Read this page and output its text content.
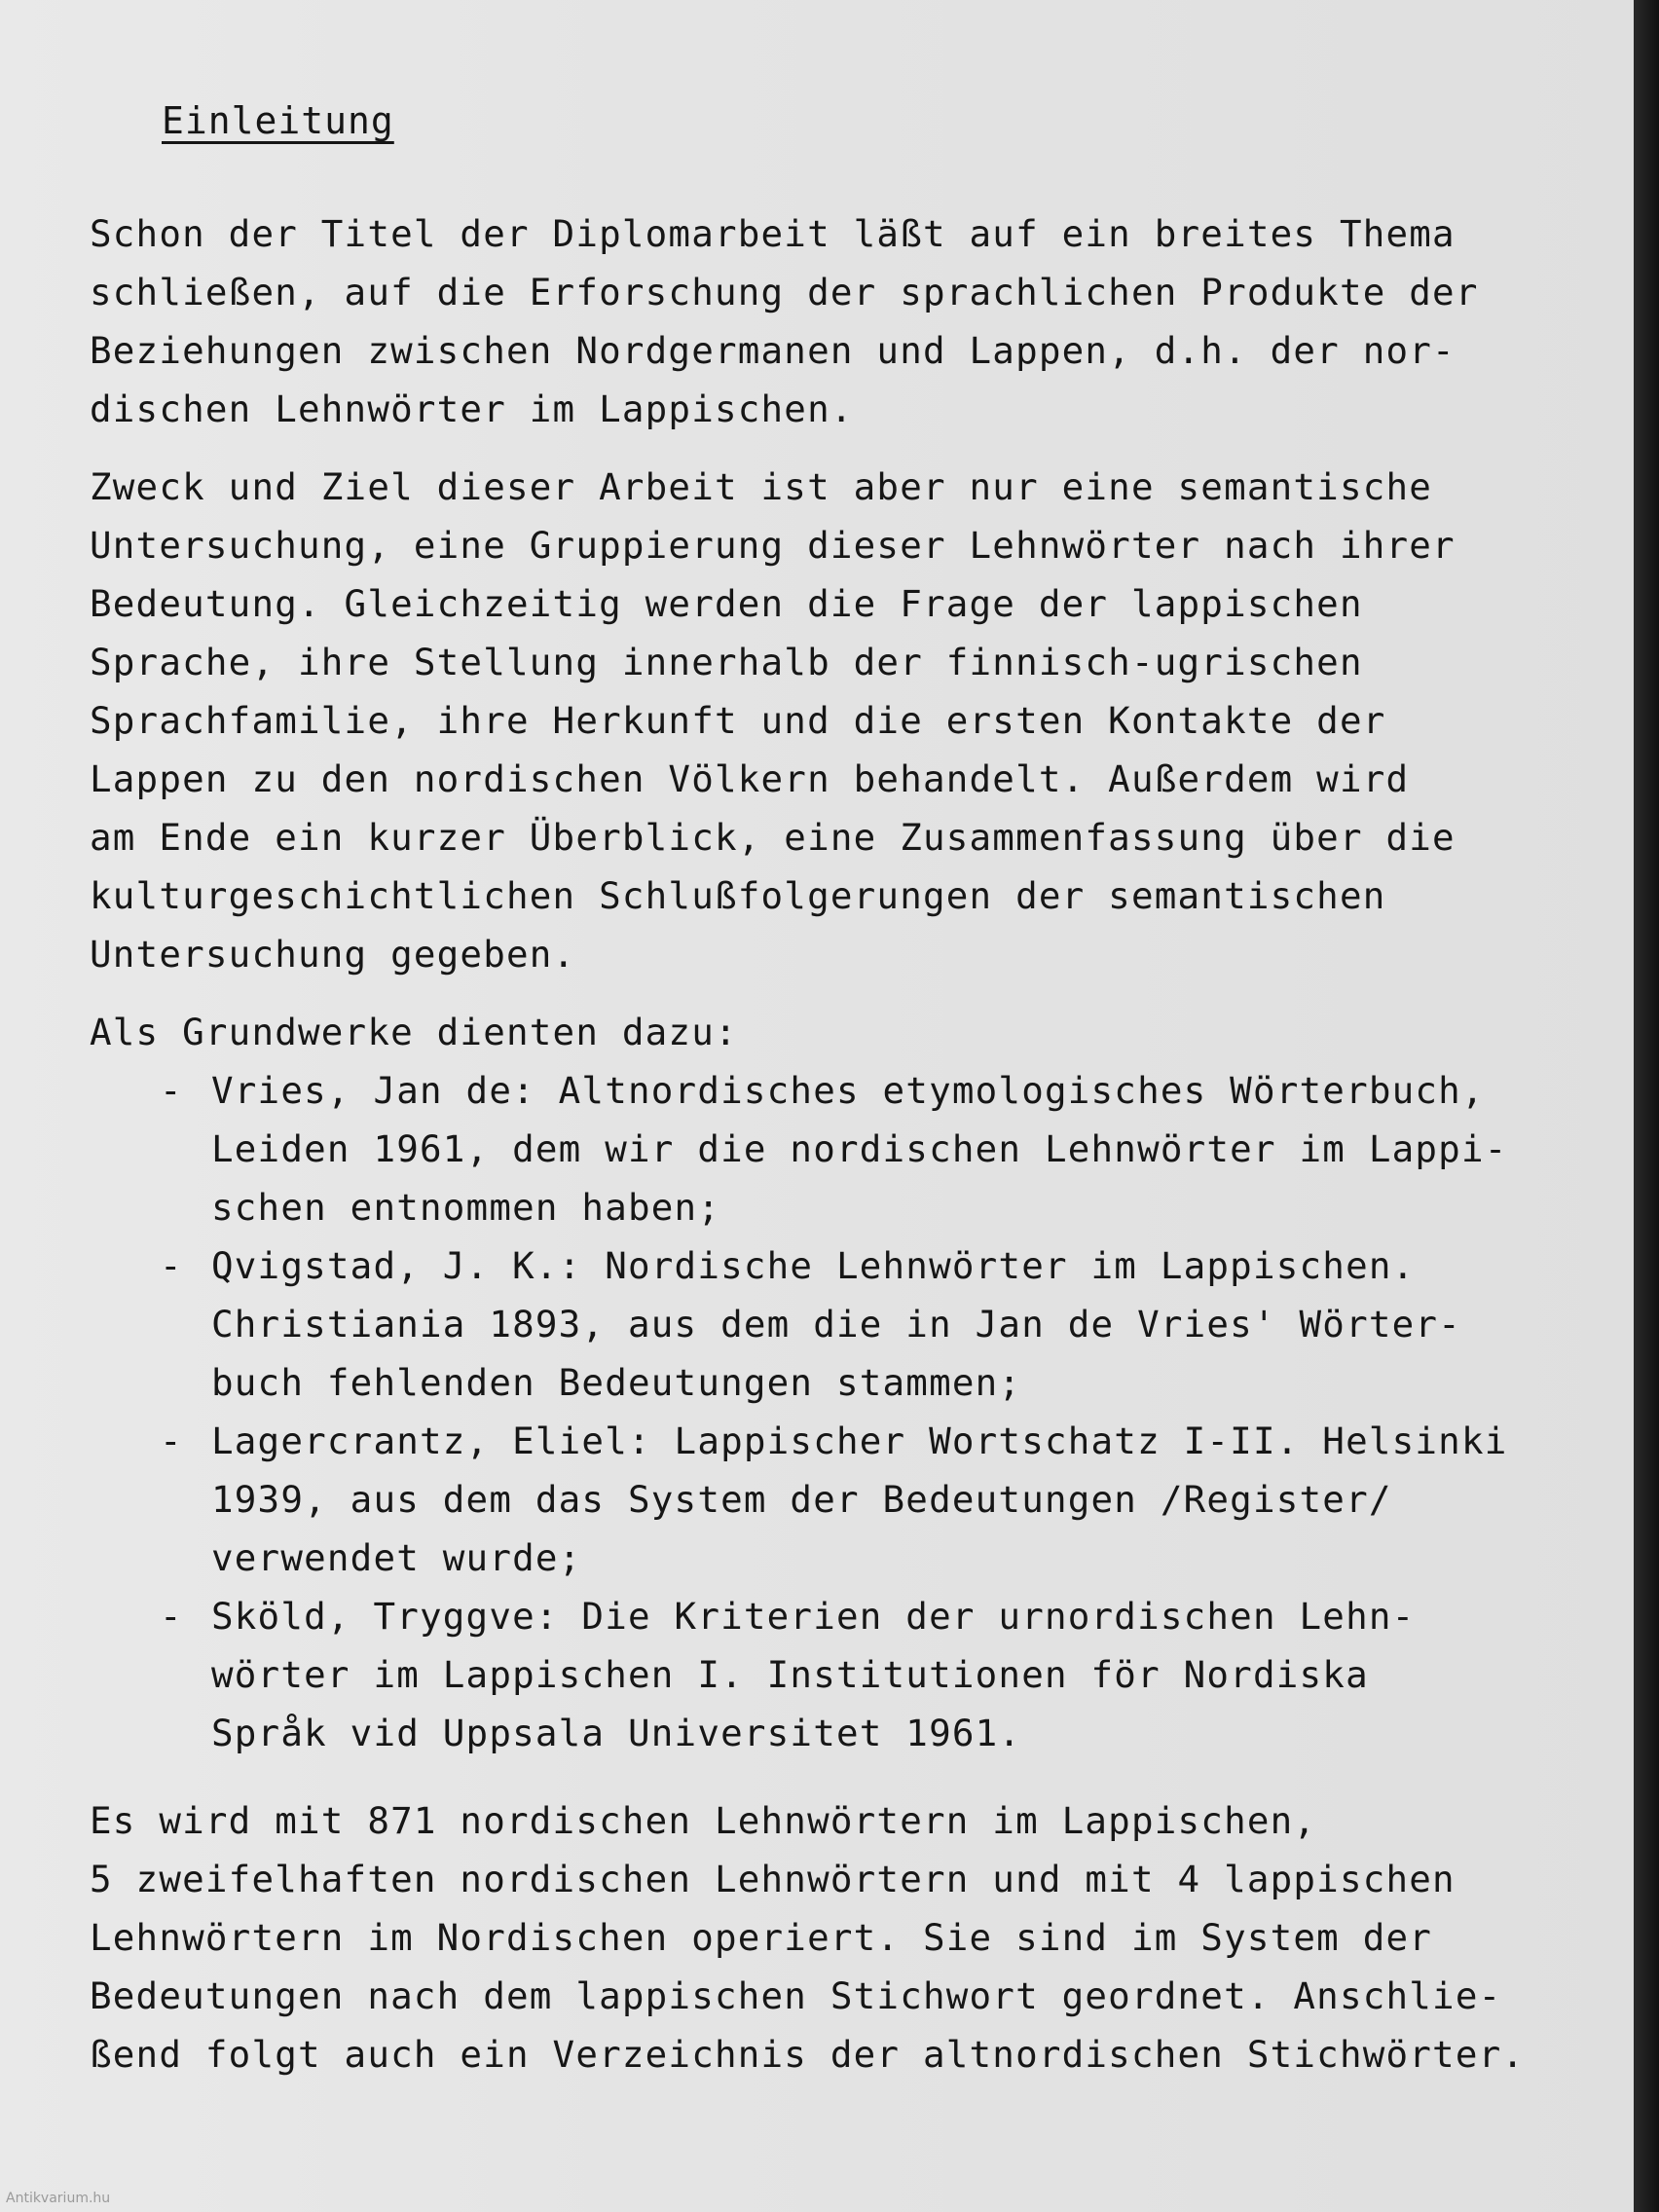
Einleitung
Schon der Titel der Diplomarbeit läßt auf ein breites Thema
schließen, auf die Erforschung der sprachlichen Produkte der
Beziehungen zwischen Nordgermanen und Lappen, d.h. der nor-
dischen Lehnwörter im Lappischen.
Zweck und Ziel dieser Arbeit ist aber nur eine semantische
Untersuchung, eine Gruppierung dieser Lehnwörter nach ihrer
Bedeutung. Gleichzeitig werden die Frage der lappischen
Sprache, ihre Stellung innerhalb der finnisch-ugrischen
Sprachfamilie, ihre Herkunft und die ersten Kontakte der
Lappen zu den nordischen Völkern behandelt. Außerdem wird
am Ende ein kurzer Überblick, eine Zusammenfassung über die
kulturgeschichtlichen Schlußfolgerungen der semantischen
Untersuchung gegeben.
Als Grundwerke dienten dazu:
- Vries, Jan de: Altnordisches etymologisches Wörterbuch,
Leiden 1961, dem wir die nordischen Lehnwörter im Lappi-
schen entnommen haben;
- Qvigstad, J. K.: Nordische Lehnwörter im Lappischen.
Christiania 1893, aus dem die in Jan de Vries' Wörter-
buch fehlenden Bedeutungen stammen;
- Lagercrantz, Eliel: Lappischer Wortschatz I-II. Helsinki
1939, aus dem das System der Bedeutungen /Register/
verwendet wurde;
- Sköld, Tryggve: Die Kriterien der urnordischen Lehn-
wörter im Lappischen I. Institutionen för Nordiska
Språk vid Uppsala Universitet 1961.
Es wird mit 871 nordischen Lehnwörtern im Lappischen,
5 zweifelhaften nordischen Lehnwörtern und mit 4 lappischen
Lehnwörtern im Nordischen operiert. Sie sind im System der
Bedeutungen nach dem lappischen Stichwort geordnet. Anschlie-
ßend folgt auch ein Verzeichnis der altnordischen Stichwörter.
Antikvarium.hu
